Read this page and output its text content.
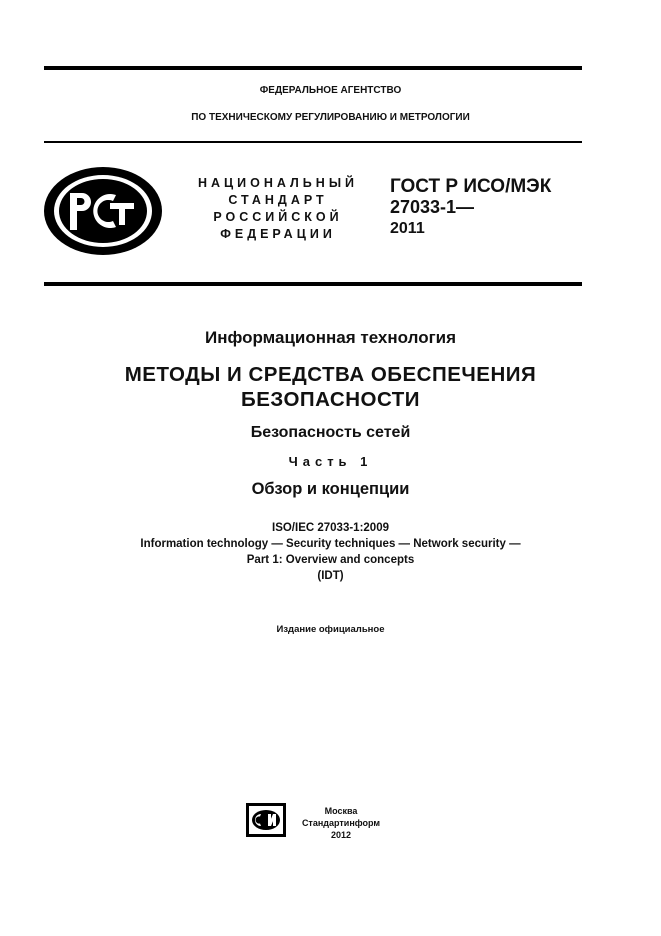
ФЕДЕРАЛЬНОЕ АГЕНТСТВО
ПО ТЕХНИЧЕСКОМУ РЕГУЛИРОВАНИЮ И МЕТРОЛОГИИ
НАЦИОНАЛЬНЫЙ
СТАНДАРТ
РОССИЙСКОЙ
ФЕДЕРАЦИИ
ГОСТ Р ИСО/МЭК
27033-1—
2011
Информационная технология
МЕТОДЫ И СРЕДСТВА ОБЕСПЕЧЕНИЯ
БЕЗОПАСНОСТИ
Безопасность сетей
Часть 1
Обзор и концепции
ISO/IEC 27033-1:2009
Information technology — Security techniques — Network security —
Part 1: Overview and concepts
(IDT)
Издание официальное
Москва
Стандартинформ
2012
